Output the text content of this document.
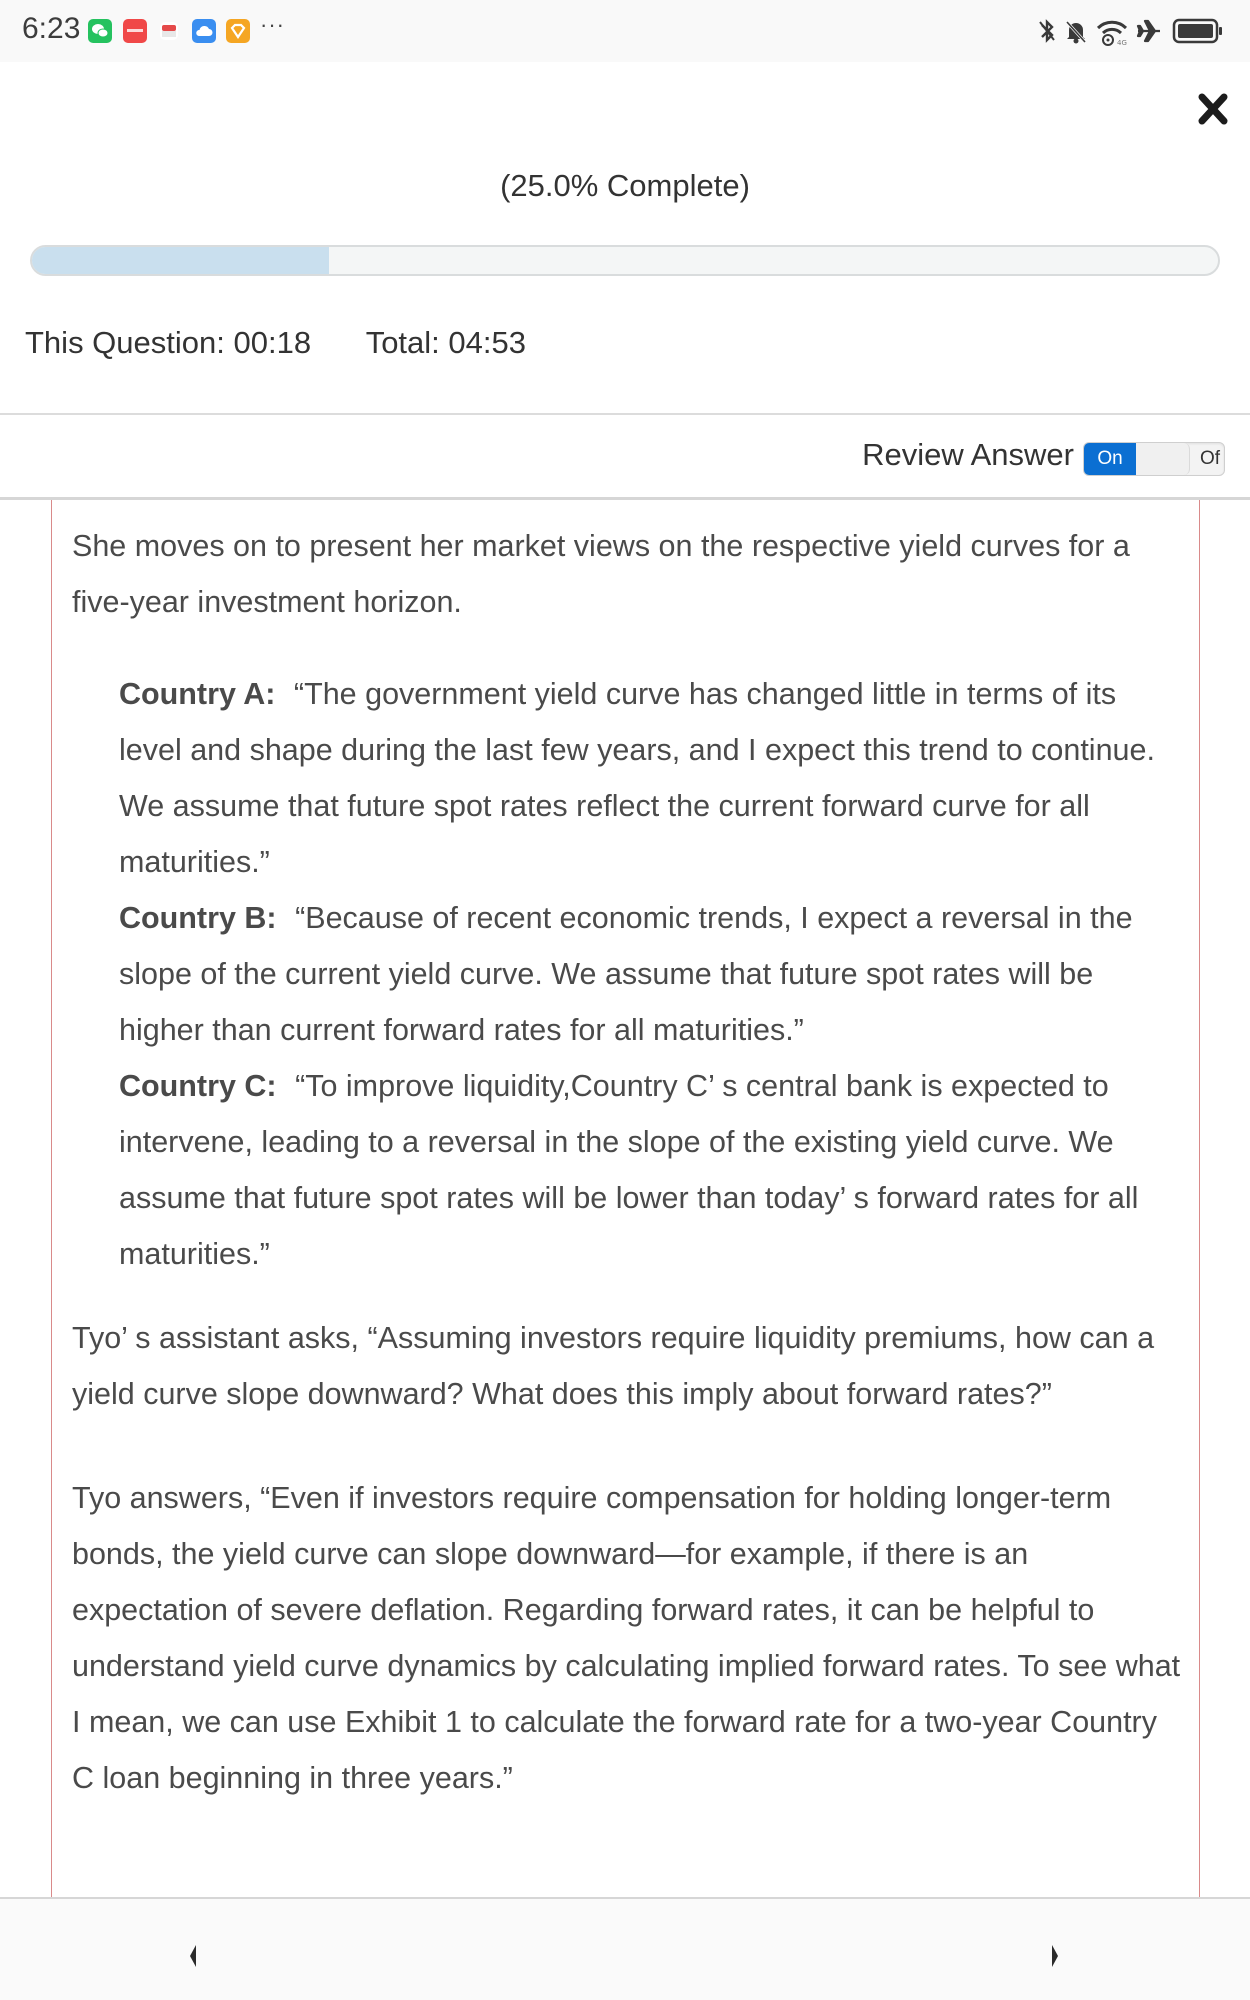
6:23	···
4G
(25.0% Complete)
This Question: 00:18 Total: 04:53
Review Answer	On	Of

She moves on to present her market views on the respective yield curves for a five-year investment horizon.

Country A: “The government yield curve has changed little in terms of its level and shape during the last few years, and I expect this trend to continue. We assume that future spot rates reflect the current forward curve for all maturities.”

Country B: “Because of recent economic trends, I expect a reversal in the slope of the current yield curve. We assume that future spot rates will be higher than current forward rates for all maturities.”

Country C: “To improve liquidity,Country C’ s central bank is expected to intervene, leading to a reversal in the slope of the existing yield curve. We assume that future spot rates will be lower than today’ s forward rates for all maturities.”

Tyo’ s assistant asks, “Assuming investors require liquidity premiums, how can a yield curve slope downward? What does this imply about forward rates?”

Tyo answers, “Even if investors require compensation for holding longer-term bonds, the yield curve can slope downward—for example, if there is an expectation of severe deflation. Regarding forward rates, it can be helpful to understand yield curve dynamics by calculating implied forward rates. To see what I mean, we can use Exhibit 1 to calculate the forward rate for a two-year Country C loan beginning in three years.”
